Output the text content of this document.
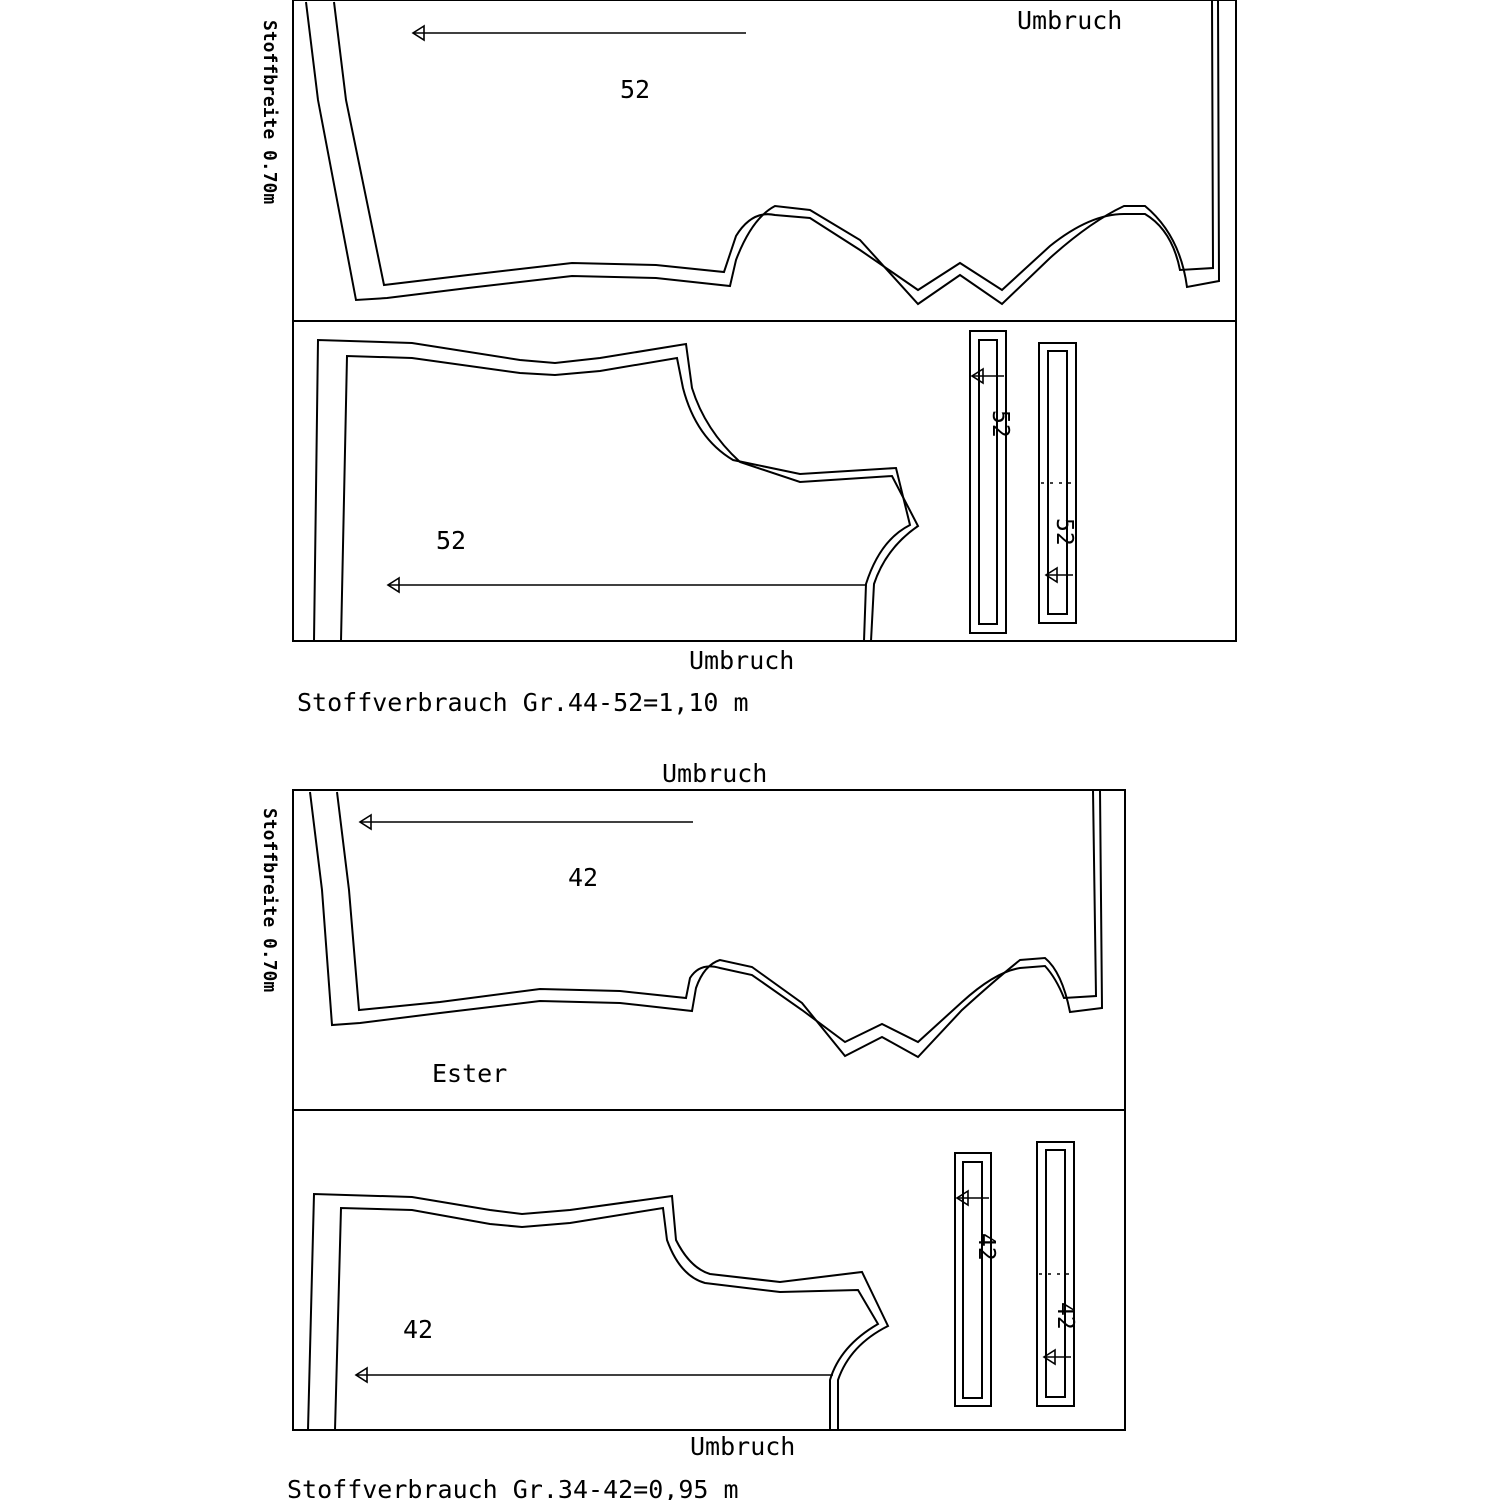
Stoffbreite 0.70m	Umbruch
Umbruch
52
52
52
52
Stoffverbrauch Gr.44-52=1,10 m
Stoffbreite 0.70m
Umbruch
Umbruch
42
42
42
42
Ester
Stoffverbrauch Gr.34-42=0,95 m
